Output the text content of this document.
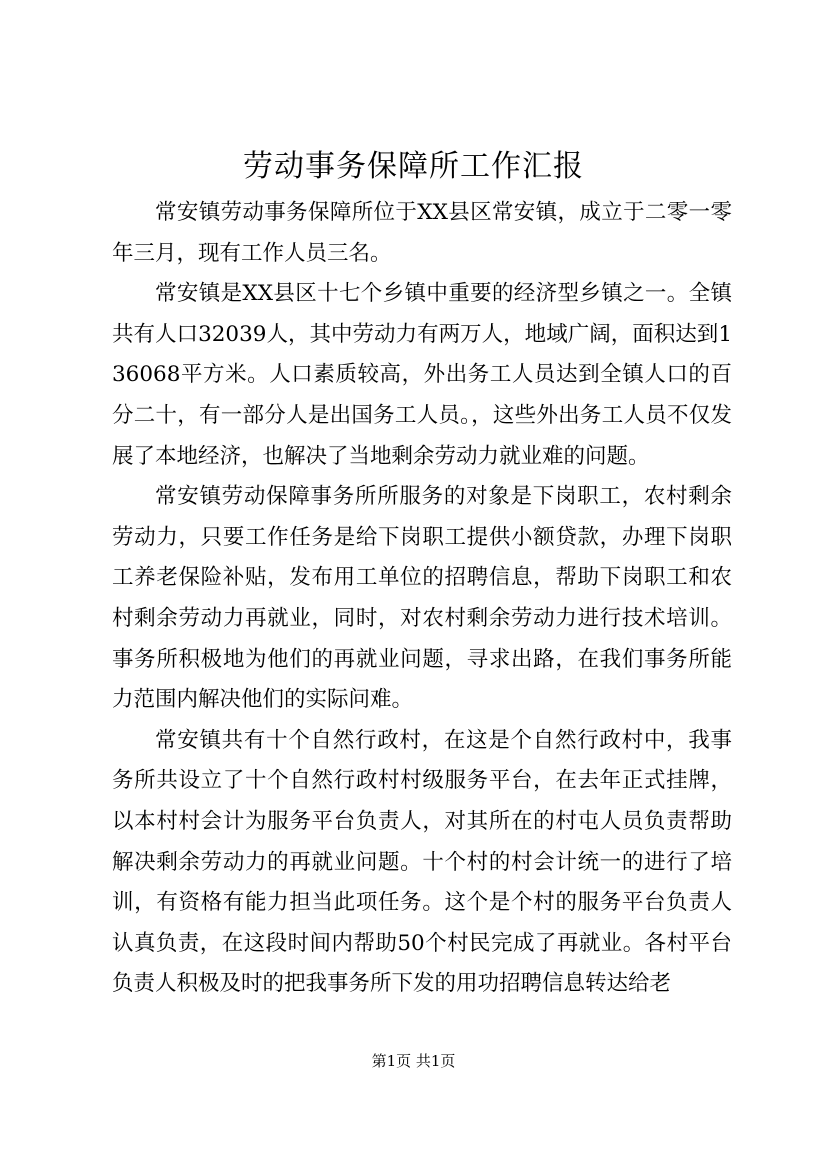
劳动事务保障所工作汇报

常安镇劳动事务保障所位于XX县区常安镇，成立于二零一零年三月，现有工作人员三名。

常安镇是XX县区十七个乡镇中重要的经济型乡镇之一。全镇共有人口32039人，其中劳动力有两万人，地域广阔，面积达到136068平方米。人口素质较高，外出务工人员达到全镇人口的百分二十，有一部分人是出国务工人员。，这些外出务工人员不仅发展了本地经济，也解决了当地剩余劳动力就业难的问题。

常安镇劳动保障事务所所服务的对象是下岗职工，农村剩余劳动力，只要工作任务是给下岗职工提供小额贷款，办理下岗职工养老保险补贴，发布用工单位的招聘信息，帮助下岗职工和农村剩余劳动力再就业，同时，对农村剩余劳动力进行技术培训。事务所积极地为他们的再就业问题，寻求出路，在我们事务所能力范围内解决他们的实际问难。

常安镇共有十个自然行政村，在这是个自然行政村中，我事务所共设立了十个自然行政村村级服务平台，在去年正式挂牌，以本村村会计为服务平台负责人，对其所在的村屯人员负责帮助解决剩余劳动力的再就业问题。十个村的村会计统一的进行了培训，有资格有能力担当此项任务。这个是个村的服务平台负责人认真负责，在这段时间内帮助50个村民完成了再就业。各村平台负责人积极及时的把我事务所下发的用功招聘信息转达给老

第1页 共1页
